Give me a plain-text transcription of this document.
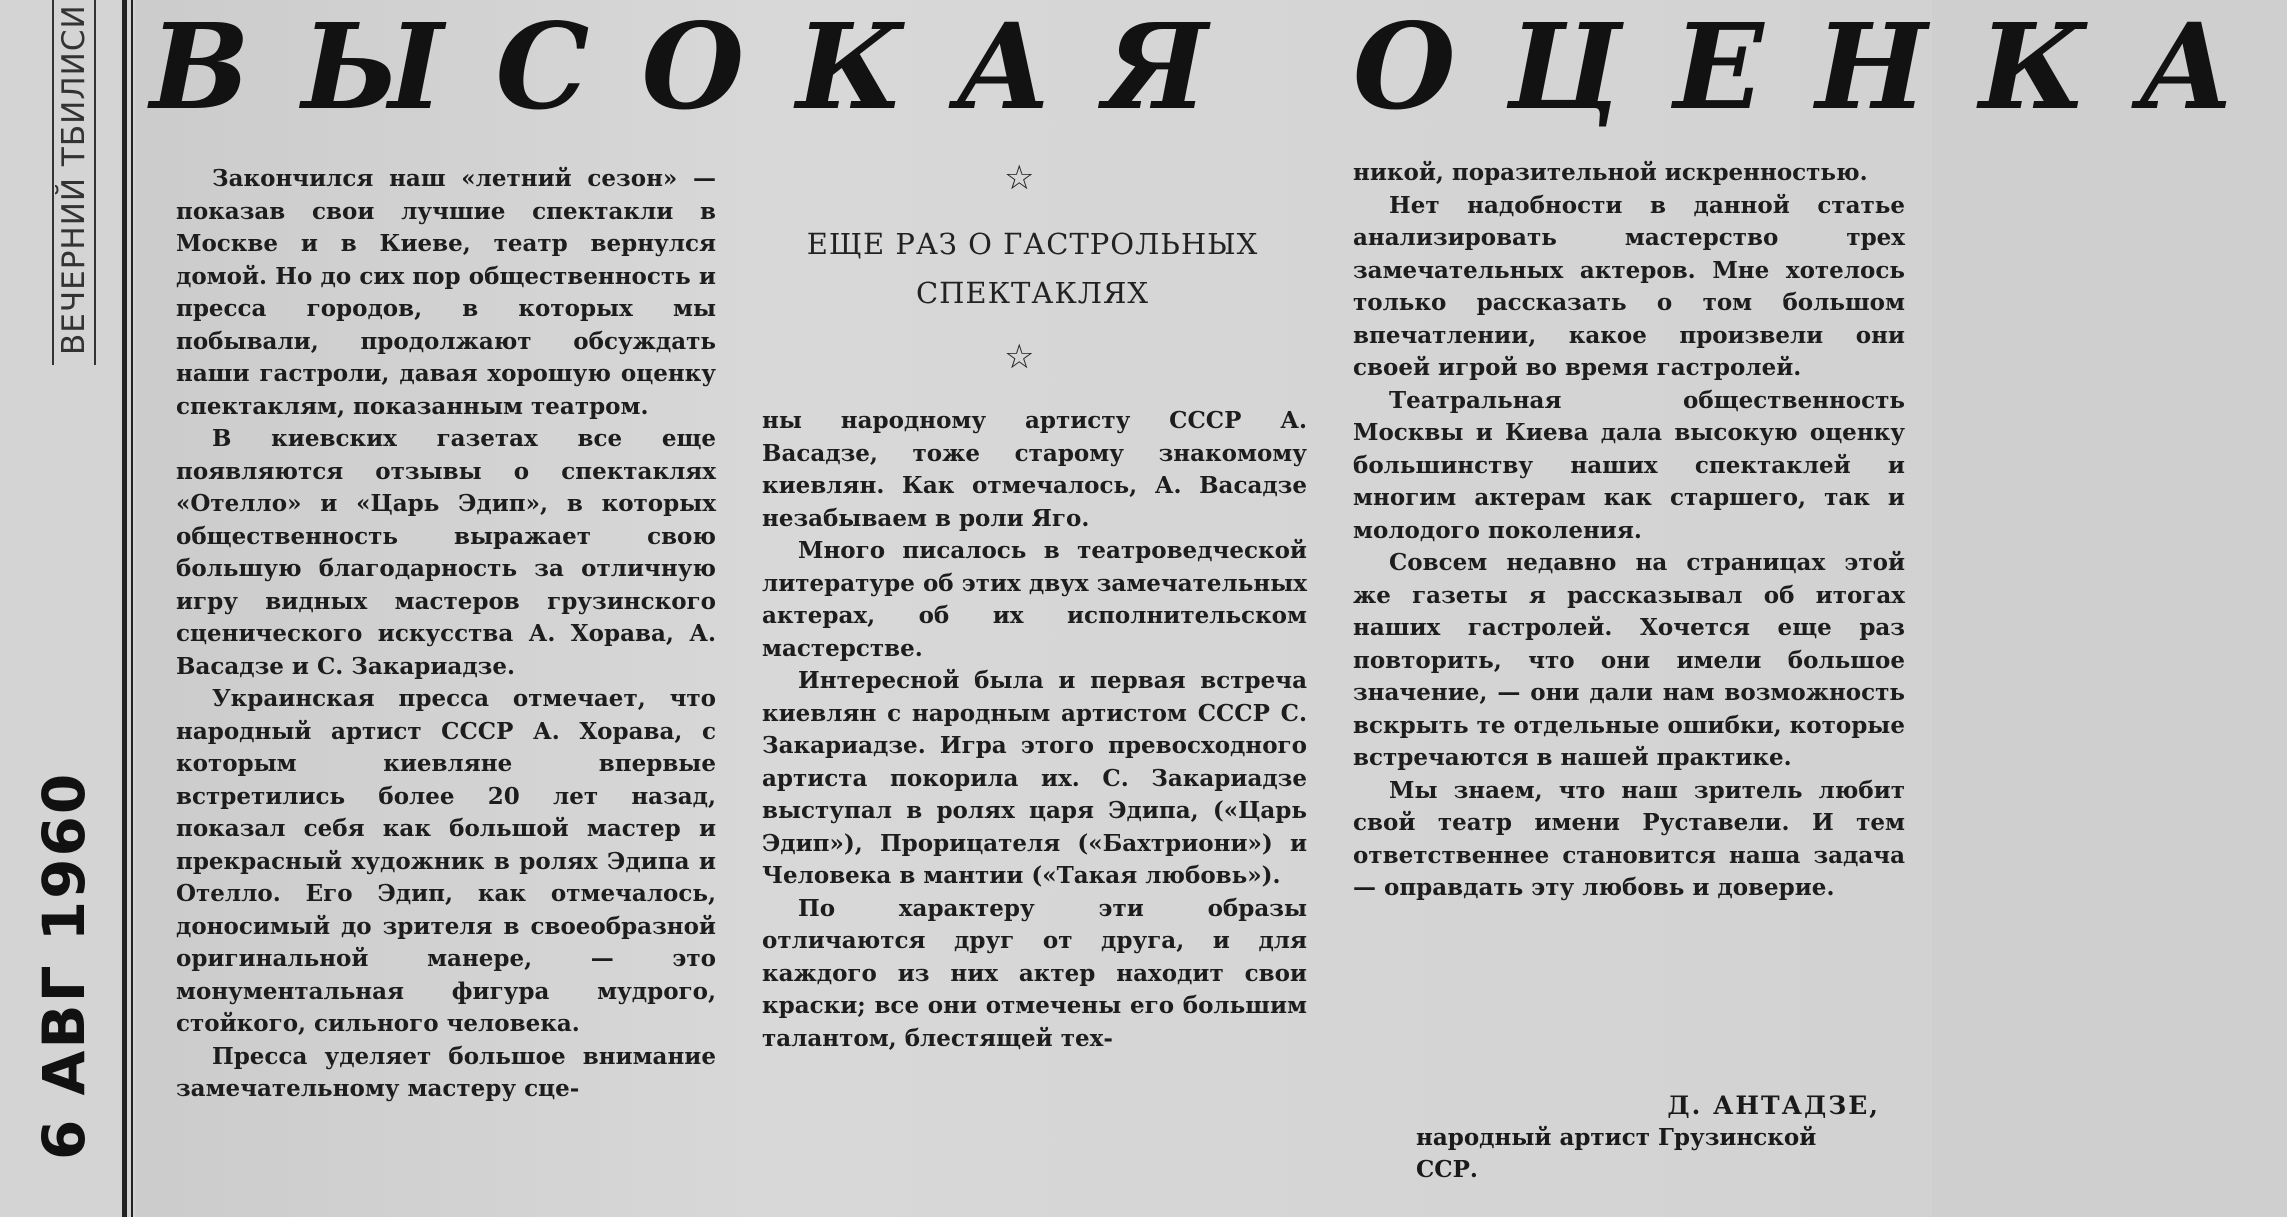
ВЕЧЕРНИЙ ТБИЛИСИ
6 АВГ 1960
ВЫСОКАЯ ОЦЕНКА

Закончился наш «летний сезон» — показав свои лучшие спектакли в Москве и в Киеве, театр вернулся домой. Но до сих пор общественность и пресса городов, в которых мы побывали, продолжают обсуждать наши гастроли, давая хорошую оценку спектаклям, показанным театром.

В киевских газетах все еще появляются отзывы о спектаклях «Отелло» и «Царь Эдип», в которых общественность выражает свою большую благодарность за отличную игру видных мастеров грузинского сценического искусства А. Хорава, А. Васадзе и С. Закариадзе.

Украинская пресса отмечает, что народный артист СССР А. Хорава, с которым киевляне впервые встретились более 20 лет назад, показал себя как большой мастер и прекрасный художник в ролях Эдипа и Отелло. Его Эдип, как отмечалось, доносимый до зрителя в своеобразной оригинальной манере, — это монументальная фигура мудрого, стойкого, сильного человека.

Пресса уделяет большое внимание замечательному мастеру сце-

☆
ЕЩЕ РАЗ О ГАСТРОЛЬНЫХ СПЕКТАКЛЯХ
☆

ны народному артисту СССР А. Васадзе, тоже старому знакомому киевлян. Как отмечалось, А. Васадзе незабываем в роли Яго.

Много писалось в театроведческой литературе об этих двух замечательных актерах, об их исполнительском мастерстве.

Интересной была и первая встреча киевлян с народным артистом СССР С. Закариадзе. Игра этого превосходного артиста покорила их. С. Закариадзе выступал в ролях царя Эдипа, («Царь Эдип»), Прорицателя («Бахтриони») и Человека в мантии («Такая любовь»).

По характеру эти образы отличаются друг от друга, и для каждого из них актер находит свои краски; все они отмечены его большим талантом, блестящей тех-

никой, поразительной искренностью.

Нет надобности в данной статье анализировать мастерство трех замечательных актеров. Мне хотелось только рассказать о том большом впечатлении, какое произвели они своей игрой во время гастролей.

Театральная общественность Москвы и Киева дала высокую оценку большинству наших спектаклей и многим актерам как старшего, так и молодого поколения.

Совсем недавно на страницах этой же газеты я рассказывал об итогах наших гастролей. Хочется еще раз повторить, что они имели большое значение, — они дали нам возможность вскрыть те отдельные ошибки, которые встречаются в нашей практике.

Мы знаем, что наш зритель любит свой театр имени Руставели. И тем ответственнее становится наша задача — оправдать эту любовь и доверие.

Д. АНТАДЗЕ,
народный артист Грузинской ССР.
